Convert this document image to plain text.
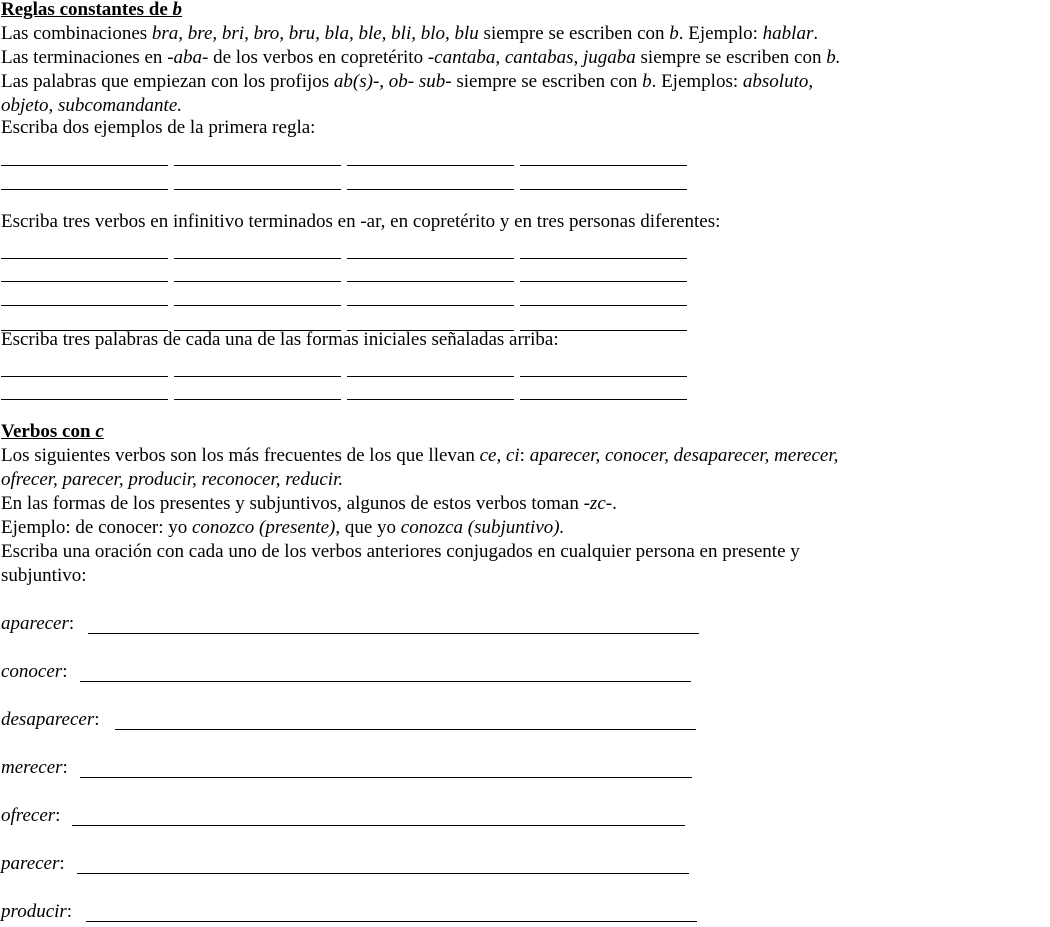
Reglas constantes de b
Las combinaciones bra, bre, bri, bro, bru, bla, ble, bli, blo, blu siempre se escriben con b. Ejemplo: hablar.
Las terminaciones en -aba- de los verbos en copretérito -cantaba, cantabas, jugaba siempre se escriben con b.
Las palabras que empiezan con los profijos ab(s)-, ob- sub- siempre se escriben con b. Ejemplos: absoluto,
objeto, subcomandante.
Escriba dos ejemplos de la primera regla:
Escriba tres verbos en infinitivo terminados en -ar, en copretérito y en tres personas diferentes:
Escriba tres palabras de cada una de las formas iniciales señaladas arriba:
Verbos con c
Los siguientes verbos son los más frecuentes de los que llevan ce, ci: aparecer, conocer, desaparecer, merecer,
ofrecer, parecer, producir, reconocer, reducir.
En las formas de los presentes y subjuntivos, algunos de estos verbos toman -zc-.
Ejemplo: de conocer: yo conozco (presente), que yo conozca (subjuntivo).
Escriba una oración con cada uno de los verbos anteriores conjugados en cualquier persona en presente y
subjuntivo:
aparecer:
conocer:
desaparecer:
merecer:
ofrecer:
parecer:
producir:
